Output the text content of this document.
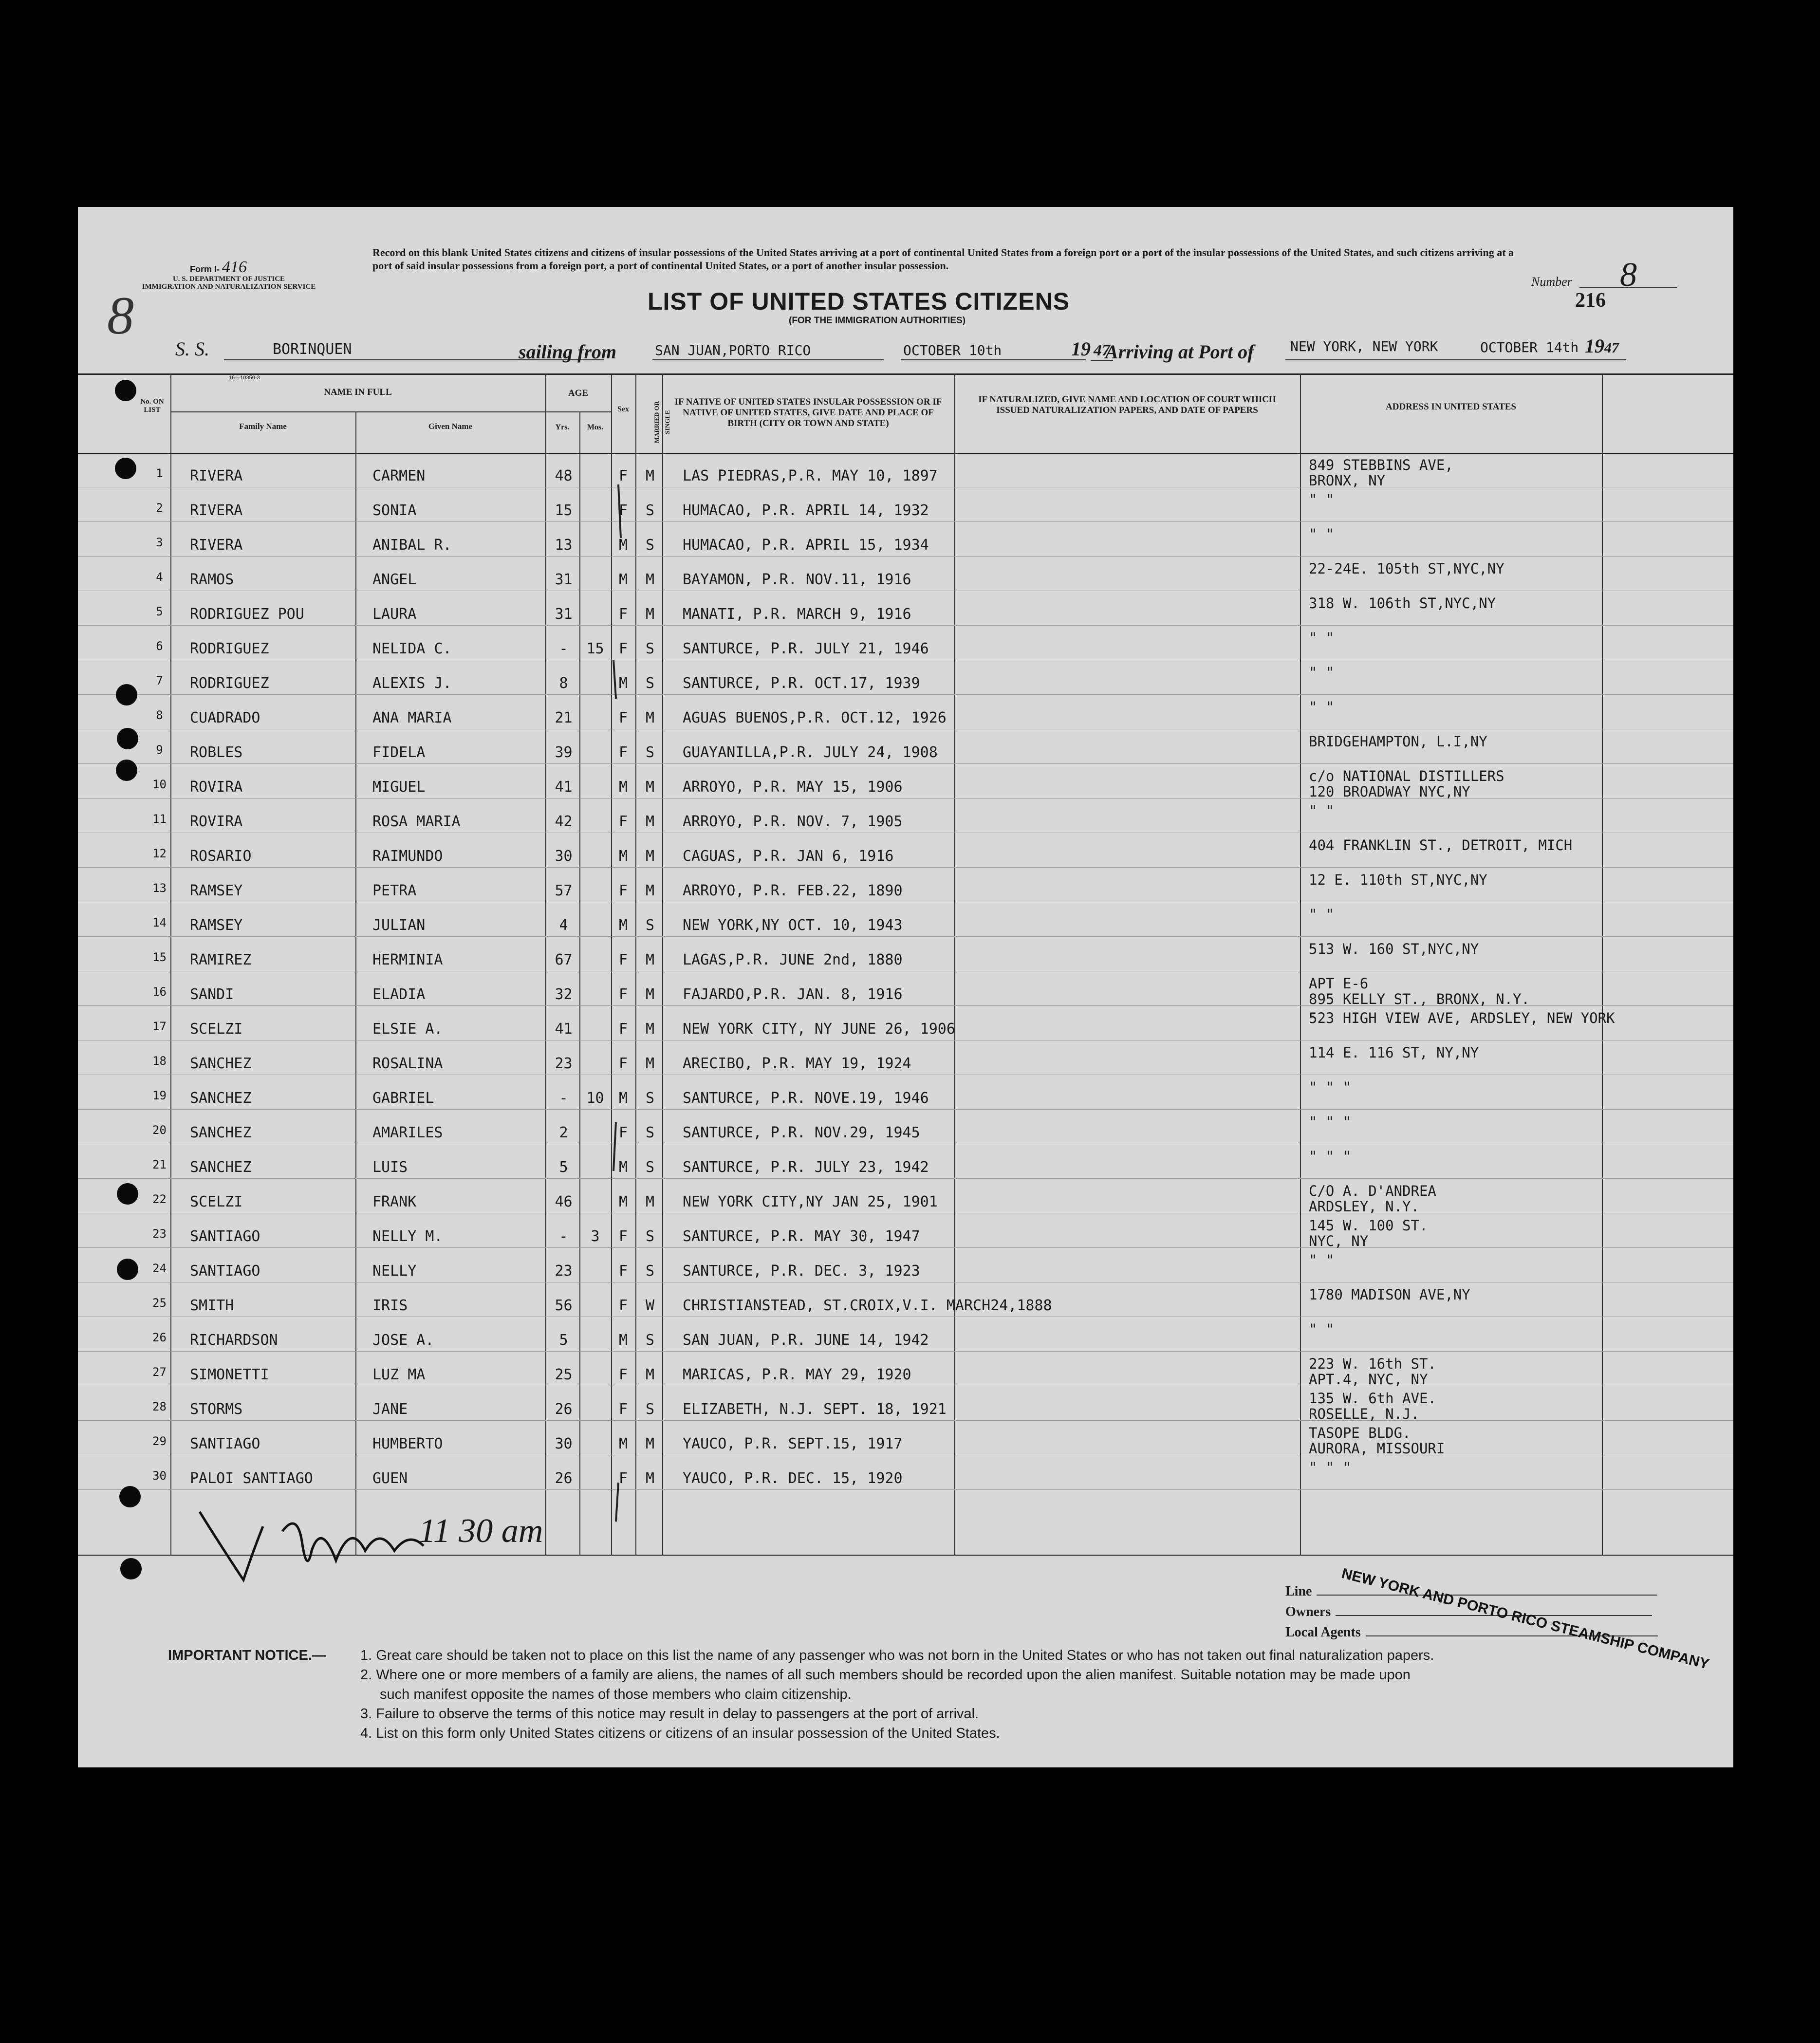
Form I- 416
U. S. DEPARTMENT OF JUSTICE
IMMIGRATION AND NATURALIZATION SERVICE
8
Record on this blank United States citizens and citizens of insular possessions of the United States arriving at a port of continental United States from a foreign port or a port of the insular possessions of the United States, and such citizens arriving at a port of said insular possessions from a foreign port, a port of continental United States, or a port of another insular possession.
Number 8
216
LIST OF UNITED STATES CITIZENS
(FOR THE IMMIGRATION AUTHORITIES)
S. S.	BORINQUEN	sailing from	SAN JUAN,PORTO RICO	OCTOBER 10th	19 47
Arriving at Port of	NEW YORK, NEW YORK	OCTOBER 14th 1947
16—10350-3
No. ON LIST
NAME IN FULL
Family Name	Given Name
AGE
Yrs.	Mos.
Sex	MARRIED OR SINGLE
IF NATIVE OF UNITED STATES INSULAR POSSESSION OR IF NATIVE OF UNITED STATES, GIVE DATE AND PLACE OF BIRTH (CITY OR TOWN AND STATE)
IF NATURALIZED, GIVE NAME AND LOCATION OF COURT WHICH ISSUED NATURALIZATION PAPERS, AND DATE OF PAPERS	ADDRESS IN UNITED STATES
1	RIVERA	CARMEN	48	F	M	LAS PIEDRAS,P.R. MAY 10, 1897
849 STEBBINS AVE,
BRONX, NY
2	RIVERA	SONIA	15	F	S	HUMACAO, P.R. APRIL 14, 1932
" "
3	RIVERA	ANIBAL R.	13	M	S	HUMACAO, P.R. APRIL 15, 1934
" "
4	RAMOS	ANGEL	31	M	M	BAYAMON, P.R. NOV.11, 1916
22-24E. 105th ST,NYC,NY
5	RODRIGUEZ POU	LAURA	31	F	M	MANATI, P.R. MARCH 9, 1916
318 W. 106th ST,NYC,NY
6	RODRIGUEZ	NELIDA C.	-	15	F	S	SANTURCE, P.R. JULY 21, 1946
" "
7	RODRIGUEZ	ALEXIS J.	8	M	S	SANTURCE, P.R. OCT.17, 1939
" "
8	CUADRADO	ANA MARIA	21	F	M	AGUAS BUENOS,P.R. OCT.12, 1926
" "
9	ROBLES	FIDELA	39	F	S	GUAYANILLA,P.R. JULY 24, 1908
BRIDGEHAMPTON, L.I,NY
10 ROVIRA	MIGUEL	41	M	M	ARROYO, P.R. MAY 15, 1906
c/o NATIONAL DISTILLERS
120 BROADWAY NYC,NY
11 ROVIRA	ROSA MARIA	42	F	M	ARROYO, P.R. NOV. 7, 1905
" "
12 ROSARIO	RAIMUNDO	30	M	M	CAGUAS, P.R. JAN 6, 1916
404 FRANKLIN ST., DETROIT, MICH
13 RAMSEY	PETRA	57	F	M	ARROYO, P.R. FEB.22, 1890
12 E. 110th ST,NYC,NY
14 RAMSEY	JULIAN	4	M	S	NEW YORK,NY OCT. 10, 1943
" "
15 RAMIREZ	HERMINIA	67	F	M	LAGAS,P.R. JUNE 2nd, 1880
513 W. 160 ST,NYC,NY
16 SANDI	ELADIA	32	F	M	FAJARDO,P.R. JAN. 8, 1916
APT E-6
895 KELLY ST., BRONX, N.Y.
17 SCELZI	ELSIE A.	41	F	M	NEW YORK CITY, NY JUNE 26, 1906
523 HIGH VIEW AVE, ARDSLEY, NEW YORK
18 SANCHEZ	ROSALINA	23	F	M	ARECIBO, P.R. MAY 19, 1924
114 E. 116 ST, NY,NY
19 SANCHEZ	GABRIEL	-	10	M	S	SANTURCE, P.R. NOVE.19, 1946
" " "
20 SANCHEZ	AMARILES	2	F	S	SANTURCE, P.R. NOV.29, 1945
" " "
21 SANCHEZ	LUIS	5	M	S	SANTURCE, P.R. JULY 23, 1942
" " "
22 SCELZI	FRANK	46	M	M	NEW YORK CITY,NY JAN 25, 1901
C/O A. D'ANDREA
ARDSLEY, N.Y.
23 SANTIAGO	NELLY M.	-	3	F	S	SANTURCE, P.R. MAY 30, 1947
145 W. 100 ST.
NYC, NY
24 SANTIAGO	NELLY	23	F	S	SANTURCE, P.R. DEC. 3, 1923
" "
25 SMITH	IRIS	56	F	W	CHRISTIANSTEAD, ST.CROIX,V.I. MARCH24,1888
1780 MADISON AVE,NY
26 RICHARDSON	JOSE A.	5	M	S	SAN JUAN, P.R. JUNE 14, 1942
" "
27 SIMONETTI	LUZ MA	25	F	M	MARICAS, P.R. MAY 29, 1920
223 W. 16th ST.
APT.4, NYC, NY
28 STORMS	JANE	26	F	S	ELIZABETH, N.J. SEPT. 18, 1921
135 W. 6th AVE.
ROSELLE, N.J.
29 SANTIAGO	HUMBERTO	30	M	M	YAUCO, P.R. SEPT.15, 1917
TASOPE BLDG.
AURORA, MISSOURI
30 PALOI SANTIAGO	GUEN	26	F	M	YAUCO, P.R. DEC. 15, 1920
" " "
11 30 am
Line
Owners
Local Agents
NEW YORK AND PORTO RICO STEAMSHIP COMPANY
IMPORTANT NOTICE.— 1. Great care should be taken not to place on this list the name of any passenger who was not born in the United States or who has not taken out final naturalization papers.
2. Where one or more members of a family are aliens, the names of all such members should be recorded upon the alien manifest. Suitable notation may be made upon
such manifest opposite the names of those members who claim citizenship.
3. Failure to observe the terms of this notice may result in delay to passengers at the port of arrival.
4. List on this form only United States citizens or citizens of an insular possession of the United States.
